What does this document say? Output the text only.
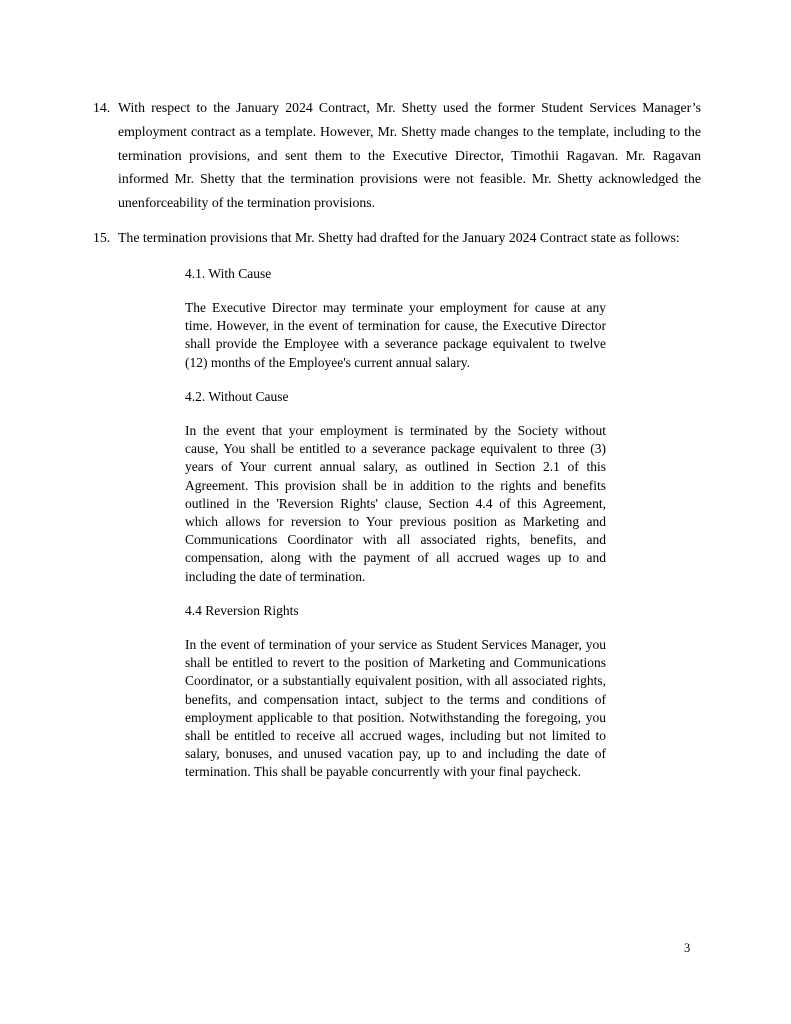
14. With respect to the January 2024 Contract, Mr. Shetty used the former Student Services Manager’s employment contract as a template. However, Mr. Shetty made changes to the template, including to the termination provisions, and sent them to the Executive Director, Timothii Ragavan. Mr. Ragavan informed Mr. Shetty that the termination provisions were not feasible. Mr. Shetty acknowledged the unenforceability of the termination provisions.
15. The termination provisions that Mr. Shetty had drafted for the January 2024 Contract state as follows:

4.1. With Cause

The Executive Director may terminate your employment for cause at any time. However, in the event of termination for cause, the Executive Director shall provide the Employee with a severance package equivalent to twelve (12) months of the Employee's current annual salary.

4.2. Without Cause

In the event that your employment is terminated by the Society without cause, You shall be entitled to a severance package equivalent to three (3) years of Your current annual salary, as outlined in Section 2.1 of this Agreement. This provision shall be in addition to the rights and benefits outlined in the 'Reversion Rights' clause, Section 4.4 of this Agreement, which allows for reversion to Your previous position as Marketing and Communications Coordinator with all associated rights, benefits, and compensation, along with the payment of all accrued wages up to and including the date of termination.

4.4 Reversion Rights

In the event of termination of your service as Student Services Manager, you shall be entitled to revert to the position of Marketing and Communications Coordinator, or a substantially equivalent position, with all associated rights, benefits, and compensation intact, subject to the terms and conditions of employment applicable to that position. Notwithstanding the foregoing, you shall be entitled to receive all accrued wages, including but not limited to salary, bonuses, and unused vacation pay, up to and including the date of termination. This shall be payable concurrently with your final paycheck.

3
